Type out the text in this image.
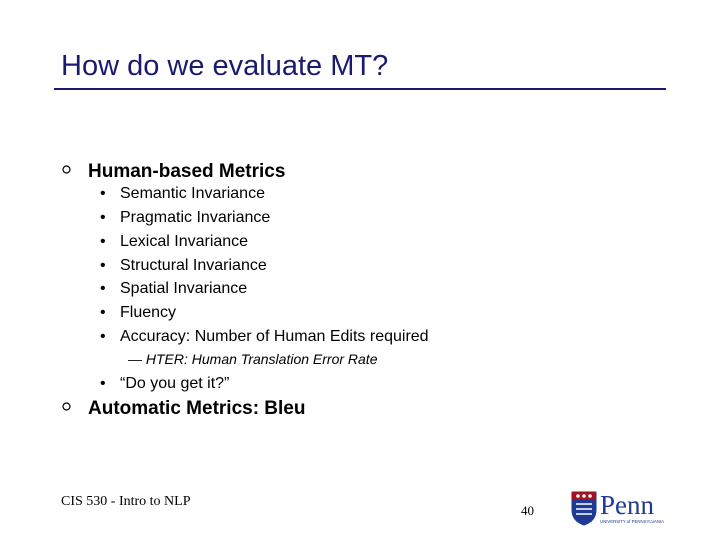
How do we evaluate MT?
Human-based Metrics
• Semantic Invariance
• Pragmatic Invariance
• Lexical Invariance
• Structural Invariance
• Spatial Invariance
• Fluency
• Accuracy: Number of Human Edits required
— HTER: Human Translation Error Rate
• “Do you get it?”
Automatic Metrics: Bleu
CIS 530 - Intro to NLP
40 Penn
UNIVERSITY of PENNSYLVANIA
